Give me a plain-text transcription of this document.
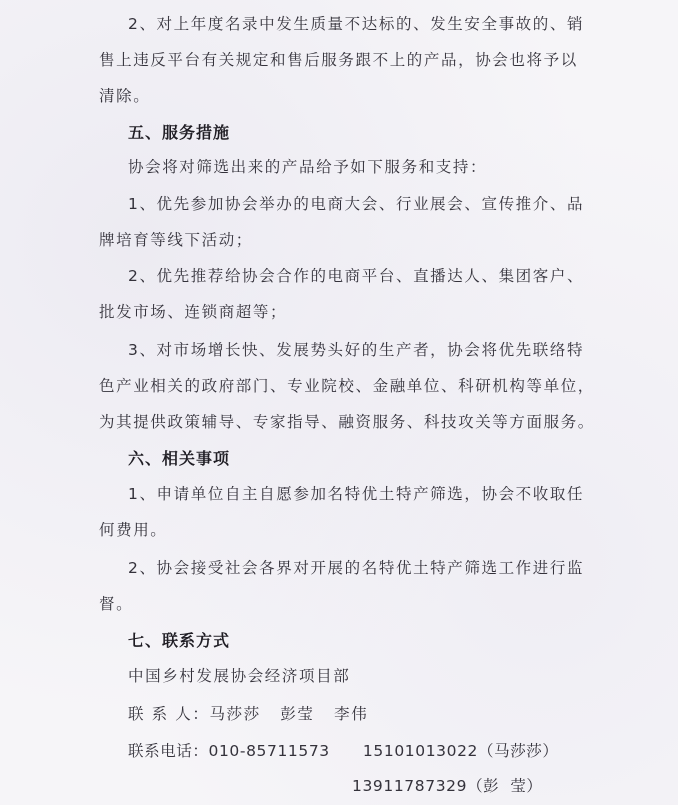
2、对上年度名录中发生质量不达标的、发生安全事故的、销
售上违反平台有关规定和售后服务跟不上的产品，协会也将予以
清除。
五、服务措施
协会将对筛选出来的产品给予如下服务和支持：
1、优先参加协会举办的电商大会、行业展会、宣传推介、品
牌培育等线下活动；
2、优先推荐给协会合作的电商平台、直播达人、集团客户、
批发市场、连锁商超等；
3、对市场增长快、发展势头好的生产者，协会将优先联络特
色产业相关的政府部门、专业院校、金融单位、科研机构等单位，
为其提供政策辅导、专家指导、融资服务、科技攻关等方面服务。
六、相关事项
1、申请单位自主自愿参加名特优土特产筛选，协会不收取任
何费用。
2、协会接受社会各界对开展的名特优土特产筛选工作进行监
督。
七、联系方式
中国乡村发展协会经济项目部
联 系 人：马莎莎   彭莹   李伟
联系电话：010-85711573      15101013022（马莎莎）
13911787329（彭  莹）
